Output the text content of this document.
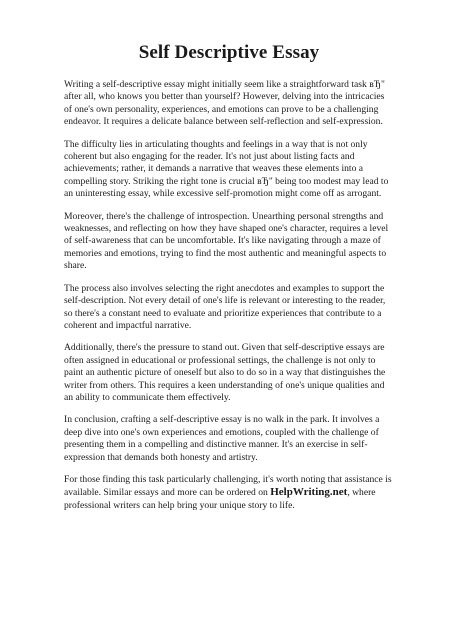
Self Descriptive Essay

Writing a self-descriptive essay might initially seem like a straightforward task вЂ" after all, who knows you better than yourself? However, delving into the intricacies of one's own personality, experiences, and emotions can prove to be a challenging endeavor. It requires a delicate balance between self-reflection and self-expression.

The difficulty lies in articulating thoughts and feelings in a way that is not only coherent but also engaging for the reader. It's not just about listing facts and achievements; rather, it demands a narrative that weaves these elements into a compelling story. Striking the right tone is crucial вЂ" being too modest may lead to an uninteresting essay, while excessive self-promotion might come off as arrogant.

Moreover, there's the challenge of introspection. Unearthing personal strengths and weaknesses, and reflecting on how they have shaped one's character, requires a level of self-awareness that can be uncomfortable. It's like navigating through a maze of memories and emotions, trying to find the most authentic and meaningful aspects to share.

The process also involves selecting the right anecdotes and examples to support the self-description. Not every detail of one's life is relevant or interesting to the reader, so there's a constant need to evaluate and prioritize experiences that contribute to a coherent and impactful narrative.

Additionally, there's the pressure to stand out. Given that self-descriptive essays are often assigned in educational or professional settings, the challenge is not only to paint an authentic picture of oneself but also to do so in a way that distinguishes the writer from others. This requires a keen understanding of one's unique qualities and an ability to communicate them effectively.

In conclusion, crafting a self-descriptive essay is no walk in the park. It involves a deep dive into one's own experiences and emotions, coupled with the challenge of presenting them in a compelling and distinctive manner. It's an exercise in self-expression that demands both honesty and artistry.

For those finding this task particularly challenging, it's worth noting that assistance is available. Similar essays and more can be ordered on HelpWriting.net, where professional writers can help bring your unique story to life.
